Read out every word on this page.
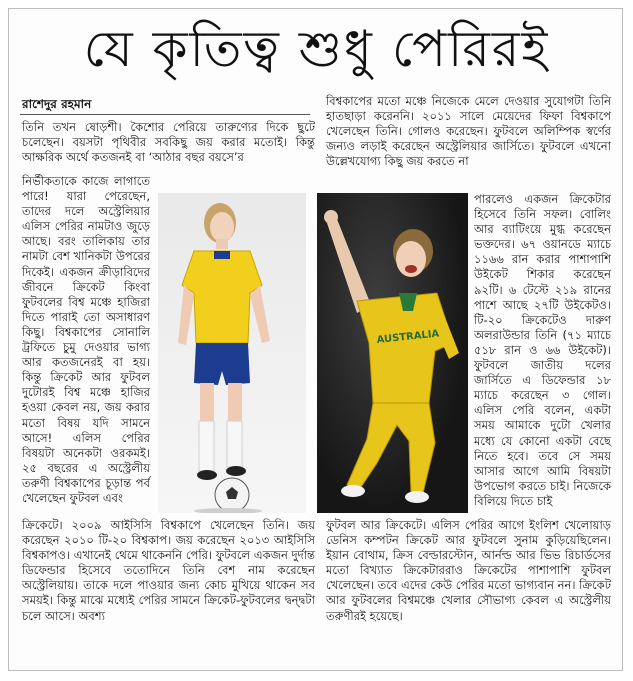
যে কৃতিত্ব শুধু পেরিরই
রাশেদুর রহমান

তিনি তখন ষোড়শী। কৈশোর পেরিয়ে তারুণ্যের দিকে ছুটে চলেছেন। বয়সটা পৃথিবীর সবকিছু জয় করার মতোই। কিন্তু আক্ষরিক অর্থে কতজনই বা ‘আঠার বছর বয়সে’র

নির্ভীকতাকে কাজে লাগাতে পারে! যারা পেরেছেন, তাদের দলে অস্ট্রেলিয়ার এলিস পেরির নামটাও জুড়ে আছে। বরং তালিকায় তার নামটা বেশ খানিকটা উপরের দিকেই। একজন ক্রীড়াবিদের জীবনে ক্রিকেট কিংবা ফুটবলের বিশ্ব মঞ্চে হাজিরা দিতে পারাই তো অসাধারণ কিছু। বিশ্বকাপের সোনালি ট্রফিতে চুমু দেওয়ার ভাগ্য আর কতজনেরই বা হয়। কিন্তু ক্রিকেট আর ফুটবল দুটোরই বিশ্ব মঞ্চে হাজির হওয়া কেবল নয়, জয় করার মতো বিষয় যদি সামনে আসে! এলিস পেরির বিষয়টা অনেকটা ওরকমই। ২৫ বছরের এ অস্ট্রেলীয় তরুণী বিশ্বকাপের চূড়ান্ত পর্ব খেলেছেন ফুটবল এবং

AUSTRALIA

বিশ্বকাপের মতো মঞ্চে নিজেকে মেলে দেওয়ার সুযোগটা তিনি হাতছাড়া করেননি। ২০১১ সালে মেয়েদের ফিফা বিশ্বকাপে খেলেছেন তিনি। গোলও করেছেন। ফুটবলে অলিম্পিক স্বর্ণের জন্যও লড়াই করেছেন অস্ট্রেলিয়ার জার্সিতে। ফুটবলে এখনো উল্লেখযোগ্য কিছু জয় করতে না

পারলেও একজন ক্রিকেটার হিসেবে তিনি সফল। বোলিং আর ব্যাটিংয়ে মুগ্ধ করেছেন ভক্তদের। ৬৭ ওয়ানডে ম্যাচে ১১৬৬ রান করার পাশাপাশি উইকেট শিকার করেছেন ৯২টি। ৬ টেস্টে ২১৯ রানের পাশে আছে ২৭টি উইকেটও। টি-২০ ক্রিকেটেও দারুণ অলরাউন্ডার তিনি (৭১ ম্যাচে ৫১৮ রান ও ৬৬ উইকেট)। ফুটবলে জাতীয় দলের জার্সিতে এ ডিফেন্ডার ১৮ ম্যাচে করেছেন ৩ গোল। এলিস পেরি বলেন, একটা সময় আমাকে দুটো খেলার মধ্যে যে কোনো একটা বেছে নিতে হবে। তবে সে সময় আসার আগে আমি বিষয়টা উপভোগ করতে চাই। নিজেকে বিলিয়ে দিতে চাই

ক্রিকেটে। ২০০৯ আইসিসি বিশ্বকাপে খেলেছেন তিনি। জয় করেছেন ২০১০ টি-২০ বিশ্বকাপ। জয় করেছেন ২০১৩ আইসিসি বিশ্বকাপও। এখানেই থেমে থাকেননি পেরি। ফুটবলে একজন দুর্দান্ত ডিফেন্ডার হিসেবে ততোদিনে তিনি বেশ নাম করেছেন অস্ট্রেলিয়ায়। তাকে দলে পাওয়ার জন্য কোচ মুখিয়ে থাকেন সব সময়ই। কিন্তু মাঝে মধ্যেই পেরির সামনে ক্রিকেট-ফুটবলের দ্বন্দ্বটা চলে আসে। অবশ্য

ফুটবল আর ক্রিকেটে। এলিস পেরির আগে ইংলিশ খেলোয়াড় ডেনিস কম্পটন ক্রিকেট আর ফুটবলে সুনাম কুড়িয়েছিলেন। ইয়ান বোথাম, ক্রিস বেল্ডারস্টোন, আর্নল্ড আর ভিভ রিচার্ডসের মতো বিখ্যাত ক্রিকেটাররাও ক্রিকেটের পাশাপাশি ফুটবল খেলেছেন। তবে এদের কেউ পেরির মতো ভাগ্যবান নন। ক্রিকেট আর ফুটবলের বিশ্বমঞ্চে খেলার সৌভাগ্য কেবল এ অস্ট্রেলীয় তরুণীরই হয়েছে।
